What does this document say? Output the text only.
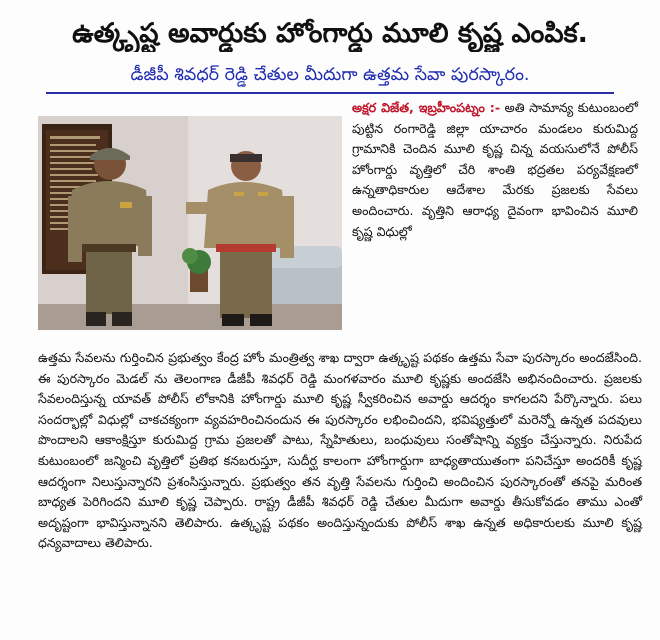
ఉత్కృష్ట అవార్డుకు హోంగార్డు మూలి కృష్ణ ఎంపిక.
డీజీపీ శివధర్ రెడ్డి చేతుల మీదుగా ఉత్తమ సేవా పురస్కారం.
అక్షర విజేత, ఇబ్రహీంపట్నం :- అతి సామాన్య కుటుంబంలో పుట్టిన రంగారెడ్డి జిల్లా యాచారం మండలం కురుమిద్ద గ్రామానికి చెందిన మూలి కృష్ణ చిన్న వయసులోనే పోలీస్ హోంగార్డు వృత్తిలో చేరి శాంతి భద్రతల పర్యవేక్షణలో ఉన్నతాధికారుల ఆదేశాల మేరకు ప్రజలకు సేవలు అందించారు. వృత్తిని ఆరాధ్య దైవంగా భావించిన మూలి కృష్ణ విధుల్లో
ఉత్తమ సేవలను గుర్తించిన ప్రభుత్వం కేంద్ర హోం మంత్రిత్వ శాఖ ద్వారా ఉత్కృష్ట పథకం ఉత్తమ సేవా పురస్కారం అందజేసింది. ఈ పురస్కారం మెడల్ ను తెలంగాణ డీజీపీ శివధర్ రెడ్డి మంగళవారం మూలి కృష్ణకు అందజేసి అభినందించారు. ప్రజలకు సేవలందిస్తున్న యావత్ పోలీస్ లోకానికి హోంగార్డు మూలి కృష్ణ స్వీకరించిన అవార్డు ఆదర్శం కాగలదని పేర్కొన్నారు. పలు సందర్భాల్లో విధుల్లో చాకచక్యంగా వ్యవహరించినందున ఈ పురస్కారం లభించిందని, భవిష్యత్తులో మరెన్నో ఉన్నత పదవులు పొందాలని ఆకాంక్షిస్తూ కురుమిద్ద గ్రామ ప్రజలతో పాటు, స్నేహితులు, బంధువులు సంతోషాన్ని వ్యక్తం చేస్తున్నారు. నిరుపేద కుటుంబంలో జన్మించి వృత్తిలో ప్రతిభ కనబరుస్తూ, సుదీర్ఘ కాలంగా హోంగార్డుగా బాధ్యతాయుతంగా పనిచేస్తూ అందరికీ కృష్ణ ఆదర్శంగా నిలుస్తున్నారని ప్రశంసిస్తున్నారు. ప్రభుత్వం తన వృత్తి సేవలను గుర్తించి అందించిన పురస్కారంతో తనపై మరింత బాధ్యత పెరిగిందని మూలి కృష్ణ చెప్పారు. రాష్ట్ర డీజీపీ శివధర్ రెడ్డి చేతుల మీదుగా అవార్డు తీసుకోవడం తాము ఎంతో అదృష్టంగా భావిస్తున్నానని తెలిపారు. ఉత్కృష్ట పథకం అందిస్తున్నందుకు పోలీస్ శాఖ ఉన్నత అధికారులకు మూలి కృష్ణ ధన్యవాదాలు తెలిపారు.
